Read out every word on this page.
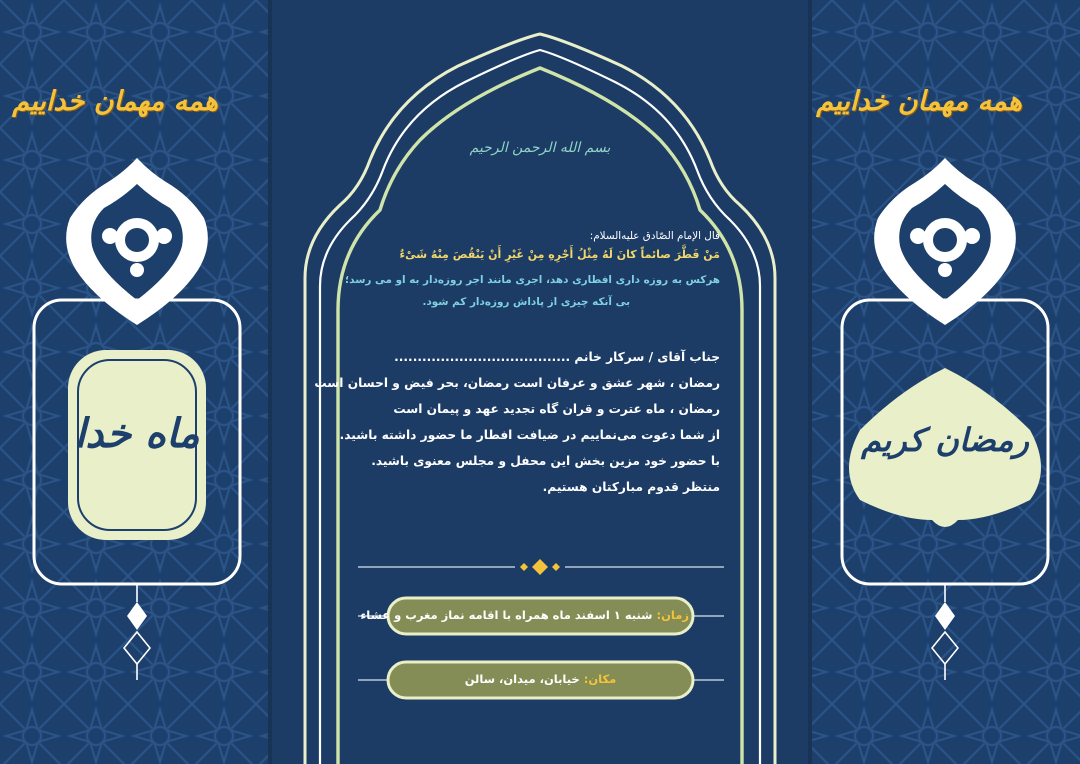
همه مهمان خداییم	همه مهمان خداییم
ماه خدا	رمضان کریم
بسم الله الرحمن الرحیم
قال الإمام الصّادق علیه‌السلام:
مَنْ فَطَّرَ صائماً کانَ لَهُ مِثْلُ أَجْرِهِ مِنْ غَیْرِ أَنْ یَنْقُصَ مِنْهُ شَیْءٌ
هرکس به روزه داری افطاری دهد، اجری مانند اجر روزه‌دار به او می رسد؛
بی آنکه چیزی از پاداش روزه‌دار کم شود.
جناب آقای / سرکار خانم ......................................
رمضان ، شهر عشق و عرفان است رمضان، بحر فیض و احسان است
رمضان ، ماه عترت و قران گاه تجدید عهد و پیمان است
از شما دعوت می‌نماییم در ضیافت افطار ما حضور داشته باشید.
با حضور خود مزین بخش این محفل و مجلس معنوی باشید.
منتظر قدوم مبارکتان هستیم.
زمان: شنبه ۱ اسفند ماه همراه با اقامه نماز مغرب و عشاء
مکان: خیابان، میدان، سالن
